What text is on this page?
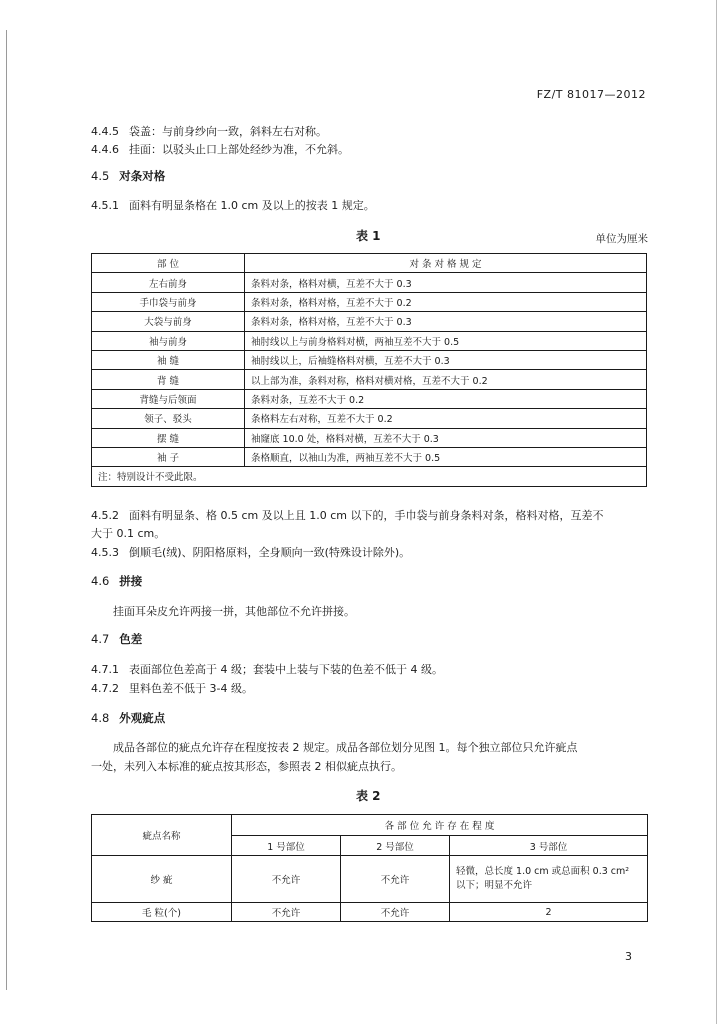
FZ/T 81017—2012
4.4.5 袋盖：与前身纱向一致，斜料左右对称。
4.4.6 挂面：以驳头止口上部处经纱为准，不允斜。
4.5 对条对格
4.5.1 面料有明显条格在 1.0 cm 及以上的按表 1 规定。
表 1	单位为厘米
部 位	对 条 对 格 规 定
左右前身	条料对条，格料对横，互差不大于 0.3
手巾袋与前身	条料对条，格料对格，互差不大于 0.2
大袋与前身	条料对条，格料对格，互差不大于 0.3
袖与前身	袖肘线以上与前身格料对横，两袖互差不大于 0.5
袖 缝	袖肘线以上，后袖缝格料对横，互差不大于 0.3
背 缝	以上部为准，条料对称，格料对横对格，互差不大于 0.2
背缝与后领面	条料对条，互差不大于 0.2
领子、驳头	条格料左右对称，互差不大于 0.2
摆 缝	袖窿底 10.0 处，格料对横，互差不大于 0.3
袖 子	条格顺直，以袖山为准，两袖互差不大于 0.5
注：特别设计不受此限。	
4.5.2 面料有明显条、格 0.5 cm 及以上且 1.0 cm 以下的，手巾袋与前身条料对条，格料对格，互差不
大于 0.1 cm。
4.5.3 倒顺毛(绒)、阴阳格原料，全身顺向一致(特殊设计除外)。
4.6 拼接
挂面耳朵皮允许两接一拼，其他部位不允许拼接。
4.7 色差
4.7.1 表面部位色差高于 4 级；套装中上装与下装的色差不低于 4 级。
4.7.2 里料色差不低于 3-4 级。
4.8 外观疵点
成品各部位的疵点允许存在程度按表 2 规定。成品各部位划分见图 1。每个独立部位只允许疵点
一处，未列入本标准的疵点按其形态，参照表 2 相似疵点执行。
表 2
疵点名称	各 部 位 允 许 存 在 程 度		
	1 号部位	2 号部位	3 号部位
纱 疵	不允许	不允许	轻微，总长度 1.0 cm 或总面积 0.3 cm²
以下；明显不允许

毛 粒(个)	不允许	不允许	2
3
